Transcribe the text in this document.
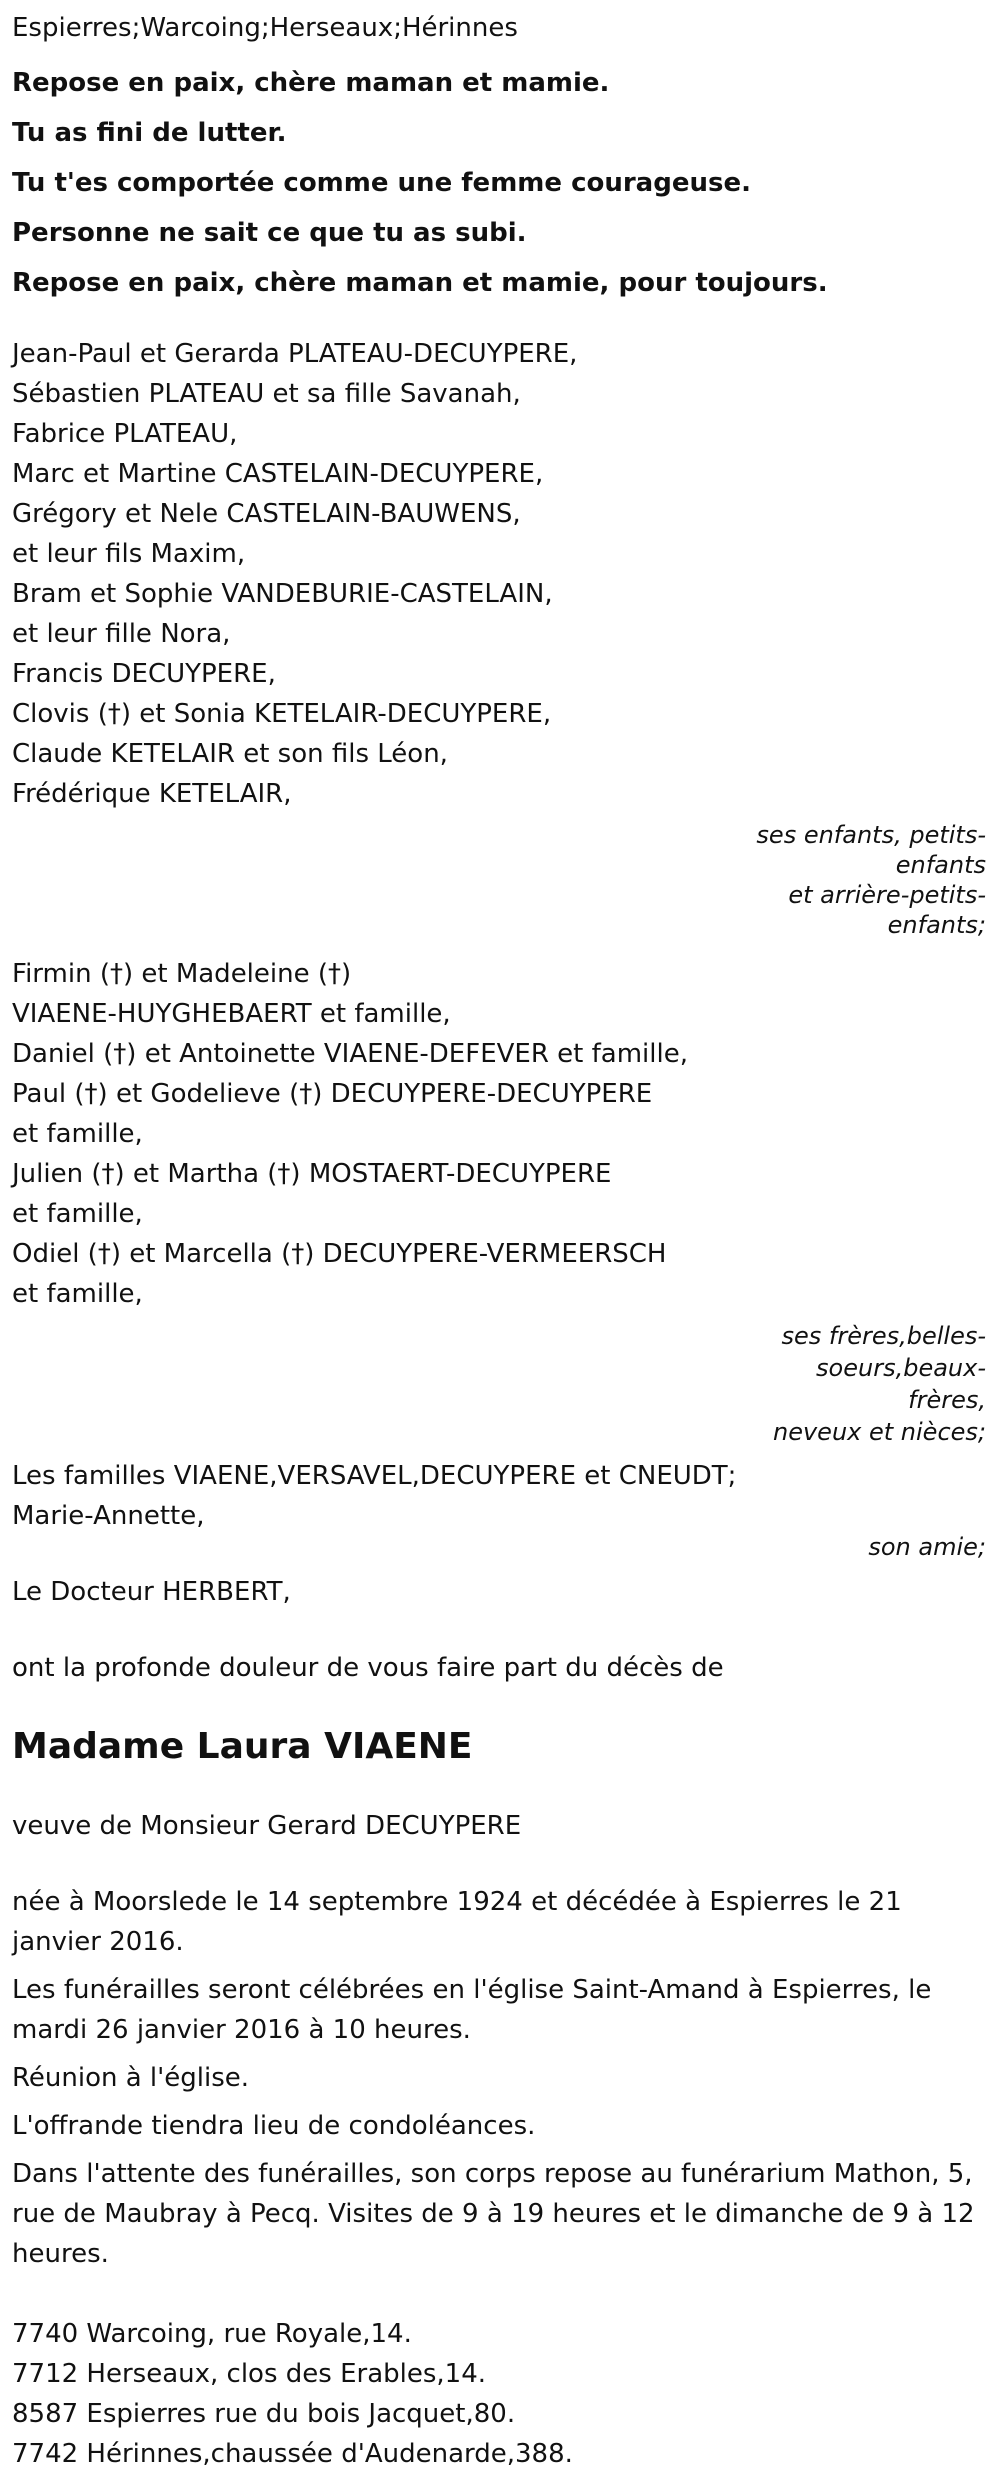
Espierres;Warcoing;Herseaux;Hérinnes
Repose en paix, chère maman et mamie.
Tu as fini de lutter.
Tu t'es comportée comme une femme courageuse.
Personne ne sait ce que tu as subi.
Repose en paix, chère maman et mamie, pour toujours.
Jean-Paul et Gerarda PLATEAU-DECUYPERE,
Sébastien PLATEAU et sa fille Savanah,
Fabrice PLATEAU,
Marc et Martine CASTELAIN-DECUYPERE,
Grégory et Nele CASTELAIN-BAUWENS,
et leur fils Maxim,
Bram et Sophie VANDEBURIE-CASTELAIN,
et leur fille Nora,
Francis DECUYPERE,
Clovis (†) et Sonia KETELAIR-DECUYPERE,
Claude KETELAIR et son fils Léon,
Frédérique KETELAIR,
ses enfants, petits-enfants
et arrière-petits-enfants;
Firmin (†) et Madeleine (†)
VIAENE-HUYGHEBAERT et famille,
Daniel (†) et Antoinette VIAENE-DEFEVER et famille,
Paul (†) et Godelieve (†) DECUYPERE-DECUYPERE
et famille,
Julien (†) et Martha (†) MOSTAERT-DECUYPERE
et famille,
Odiel (†) et Marcella (†) DECUYPERE-VERMEERSCH
et famille,
ses frères,belles-soeurs,beaux-frères,
neveux et nièces;
Les familles VIAENE,VERSAVEL,DECUYPERE et CNEUDT;
Marie-Annette,
son amie;
Le Docteur HERBERT,
ont la profonde douleur de vous faire part du décès de
Madame Laura VIAENE
veuve de Monsieur Gerard DECUYPERE
née à Moorslede le 14 septembre 1924 et décédée à Espierres le 21 janvier 2016.
Les funérailles seront célébrées en l'église Saint-Amand à Espierres, le mardi 26 janvier 2016 à 10 heures.
Réunion à l'église.
L'offrande tiendra lieu de condoléances.
Dans l'attente des funérailles, son corps repose au funérarium Mathon, 5, rue de Maubray à Pecq. Visites de 9 à 19 heures et le dimanche de 9 à 12 heures.
7740 Warcoing, rue Royale,14.
7712 Herseaux, clos des Erables,14.
8587 Espierres rue du bois Jacquet,80.
7742 Hérinnes,chaussée d'Audenarde,388.
